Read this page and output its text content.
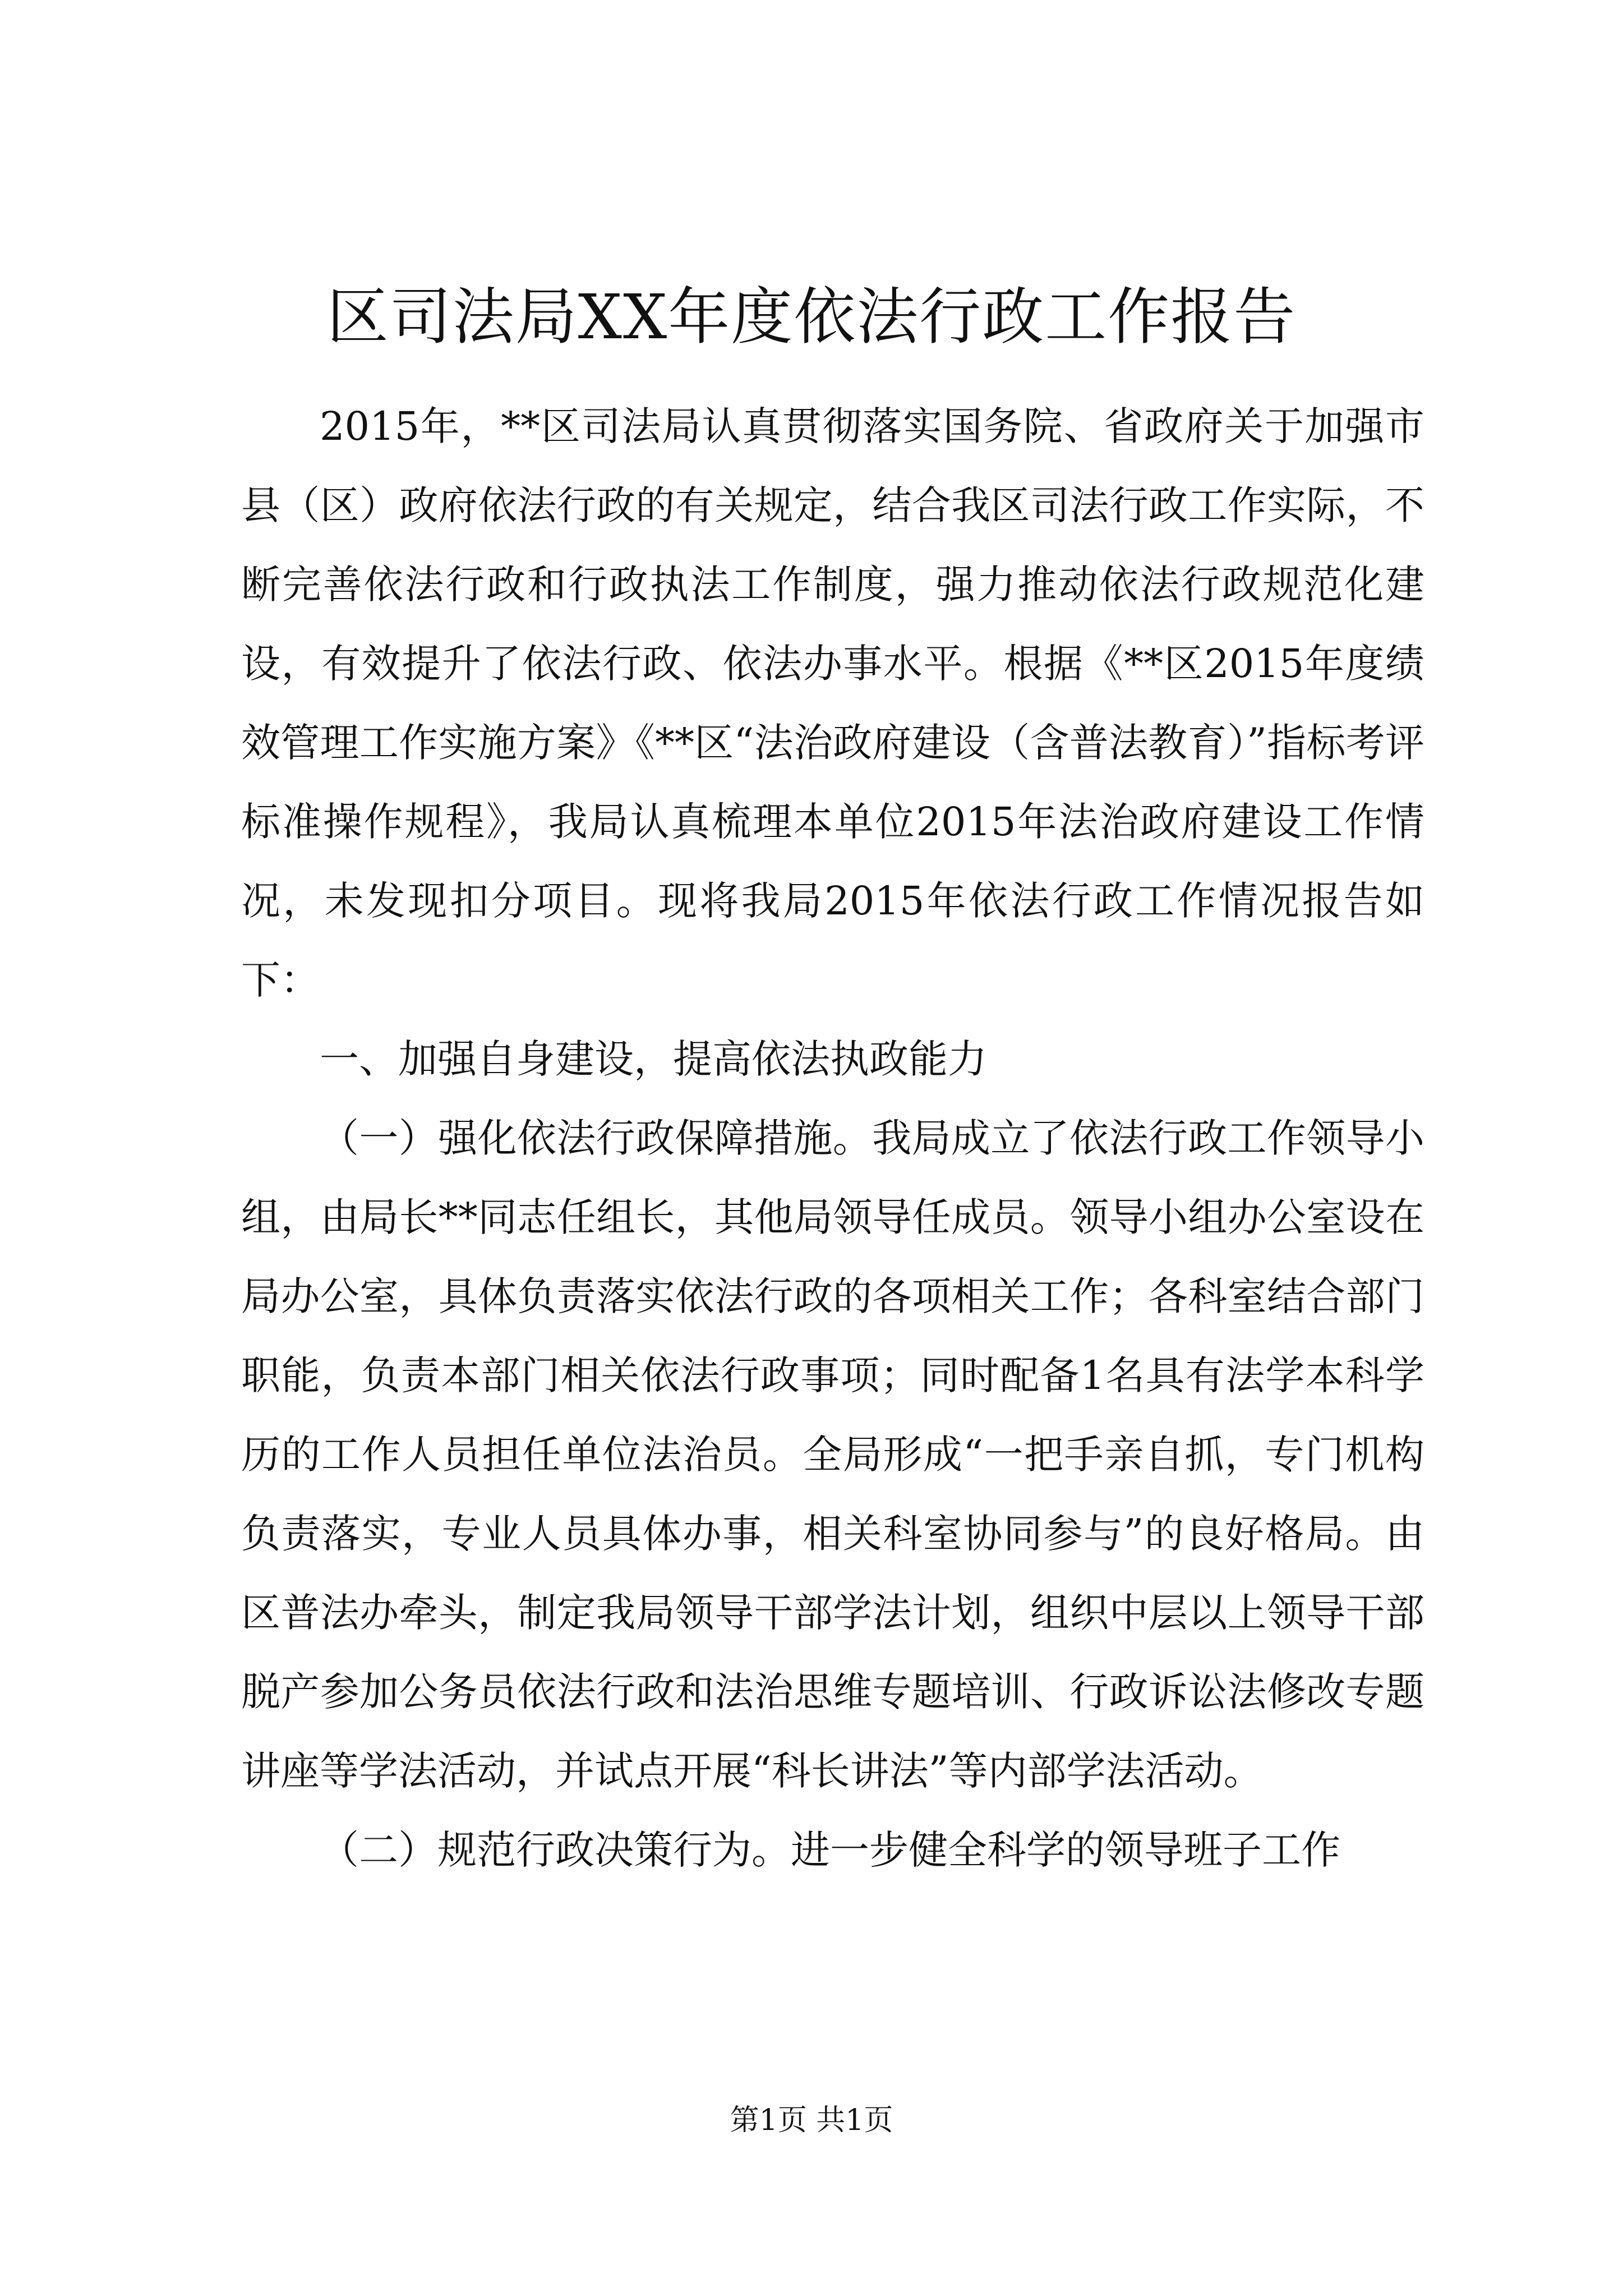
区司法局XX年度依法行政工作报告

2015年，**区司法局认真贯彻落实国务院、省政府关于加强市县（区）政府依法行政的有关规定，结合我区司法行政工作实际，不断完善依法行政和行政执法工作制度，强力推动依法行政规范化建设，有效提升了依法行政、依法办事水平。根据《**区2015年度绩效管理工作实施方案》《**区“法治政府建设（含普法教育）”指标考评标准操作规程》，我局认真梳理本单位2015年法治政府建设工作情况，未发现扣分项目。现将我局2015年依法行政工作情况报告如下：

一、加强自身建设，提高依法执政能力

（一）强化依法行政保障措施。我局成立了依法行政工作领导小组，由局长**同志任组长，其他局领导任成员。领导小组办公室设在局办公室，具体负责落实依法行政的各项相关工作；各科室结合部门职能，负责本部门相关依法行政事项；同时配备1名具有法学本科学历的工作人员担任单位法治员。全局形成“一把手亲自抓，专门机构负责落实，专业人员具体办事，相关科室协同参与”的良好格局。由区普法办牵头，制定我局领导干部学法计划，组织中层以上领导干部脱产参加公务员依法行政和法治思维专题培训、行政诉讼法修改专题讲座等学法活动，并试点开展“科长讲法”等内部学法活动。

（二）规范行政决策行为。进一步健全科学的领导班子工作

第1页 共1页
